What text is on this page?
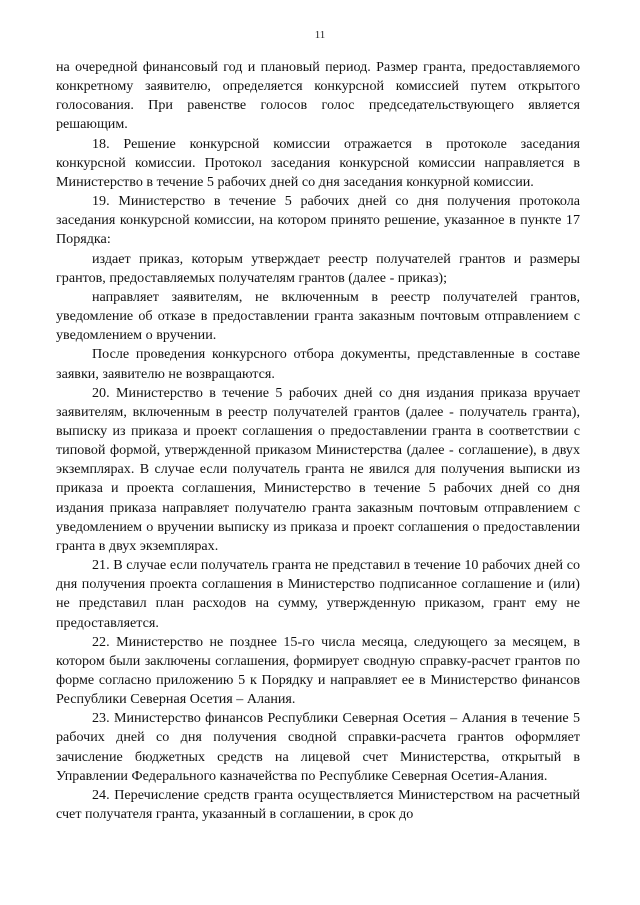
11

на очередной финансовый год и плановый период. Размер гранта, предоставляемого конкретному заявителю, определяется конкурсной комиссией путем открытого голосования. При равенстве голосов голос председательствующего является решающим.

18. Решение конкурсной комиссии отражается в протоколе заседания конкурсной комиссии. Протокол заседания конкурсной комиссии направляется в Министерство в течение 5 рабочих дней со дня заседания конкурной комиссии.

19. Министерство в течение 5 рабочих дней со дня получения протокола заседания конкурсной комиссии, на котором принято решение, указанное в пункте 17 Порядка:

издает приказ, которым утверждает реестр получателей грантов и размеры грантов, предоставляемых получателям грантов (далее - приказ);

направляет заявителям, не включенным в реестр получателей грантов, уведомление об отказе в предоставлении гранта заказным почтовым отправлением с уведомлением о вручении.

После проведения конкурсного отбора документы, представленные в составе заявки, заявителю не возвращаются.

20. Министерство в течение 5 рабочих дней со дня издания приказа вручает заявителям, включенным в реестр получателей грантов (далее - получатель гранта), выписку из приказа и проект соглашения о предоставлении гранта в соответствии с типовой формой, утвержденной приказом Министерства (далее - соглашение), в двух экземплярах. В случае если получатель гранта не явился для получения выписки из приказа и проекта соглашения, Министерство в течение 5 рабочих дней со дня издания приказа направляет получателю гранта заказным почтовым отправлением с уведомлением о вручении выписку из приказа и проект соглашения о предоставлении гранта в двух экземплярах.

21. В случае если получатель гранта не представил в течение 10 рабочих дней со дня получения проекта соглашения в Министерство подписанное соглашение и (или) не представил план расходов на сумму, утвержденную приказом, грант ему не предоставляется.

22. Министерство не позднее 15-го числа месяца, следующего за месяцем, в котором были заключены соглашения, формирует сводную справку-расчет грантов по форме согласно приложению 5 к Порядку и направляет ее в Министерство финансов Республики Северная Осетия – Алания.

23. Министерство финансов Республики Северная Осетия – Алания в течение 5 рабочих дней со дня получения сводной справки-расчета грантов оформляет зачисление бюджетных средств на лицевой счет Министерства, открытый в Управлении Федерального казначейства по Республике Северная Осетия-Алания.

24. Перечисление средств гранта осуществляется Министерством на расчетный счет получателя гранта, указанный в соглашении, в срок до
